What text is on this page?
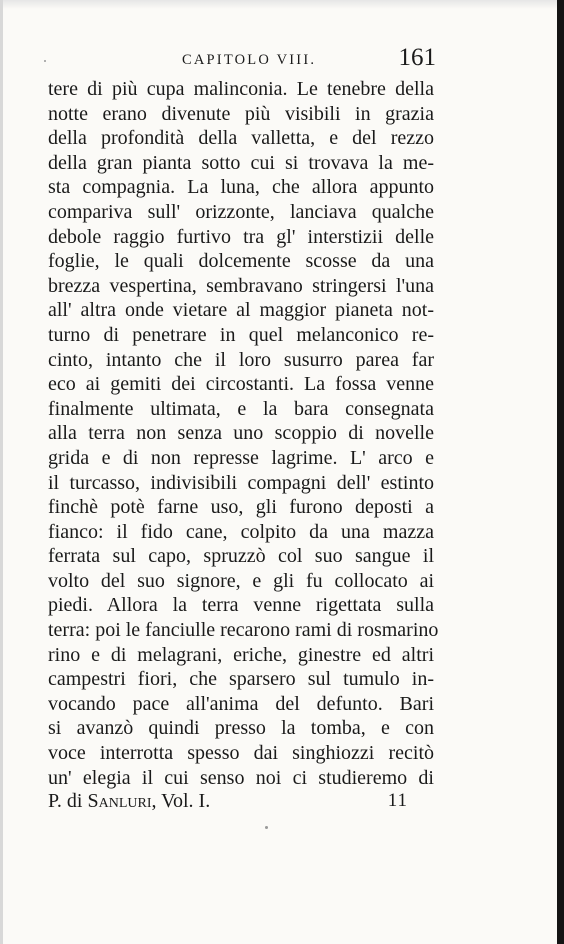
CAPITOLO VIII.	161
tere di più cupa malinconia. Le tenebre della
notte erano divenute più visibili in grazia
della profondità della valletta, e del rezzo
della gran pianta sotto cui si trovava la me-
sta compagnia. La luna, che allora appunto
compariva sull' orizzonte, lanciava qualche
debole raggio furtivo tra gl' interstizii delle
foglie, le quali dolcemente scosse da una
brezza vespertina, sembravano stringersi l'una
all' altra onde vietare al maggior pianeta not-
turno di penetrare in quel melanconico re-
cinto, intanto che il loro susurro parea far
eco ai gemiti dei circostanti. La fossa venne
finalmente ultimata, e la bara consegnata
alla terra non senza uno scoppio di novelle
grida e di non represse lagrime. L' arco e
il turcasso, indivisibili compagni dell' estinto
finchè potè farne uso, gli furono deposti a
fianco: il fido cane, colpito da una mazza
ferrata sul capo, spruzzò col suo sangue il
volto del suo signore, e gli fu collocato ai
piedi. Allora la terra venne rigettata sulla
terra: poi le fanciulle recarono rami di rosmarino
rino e di melagrani, eriche, ginestre ed altri
campestri fiori, che sparsero sul tumulo in-
vocando pace all'anima del defunto. Bari
si avanzò quindi presso la tomba, e con
voce interrotta spesso dai singhiozzi recitò
un' elegia il cui senso noi ci studieremo di
P. di Sanluri, Vol. I.	11
